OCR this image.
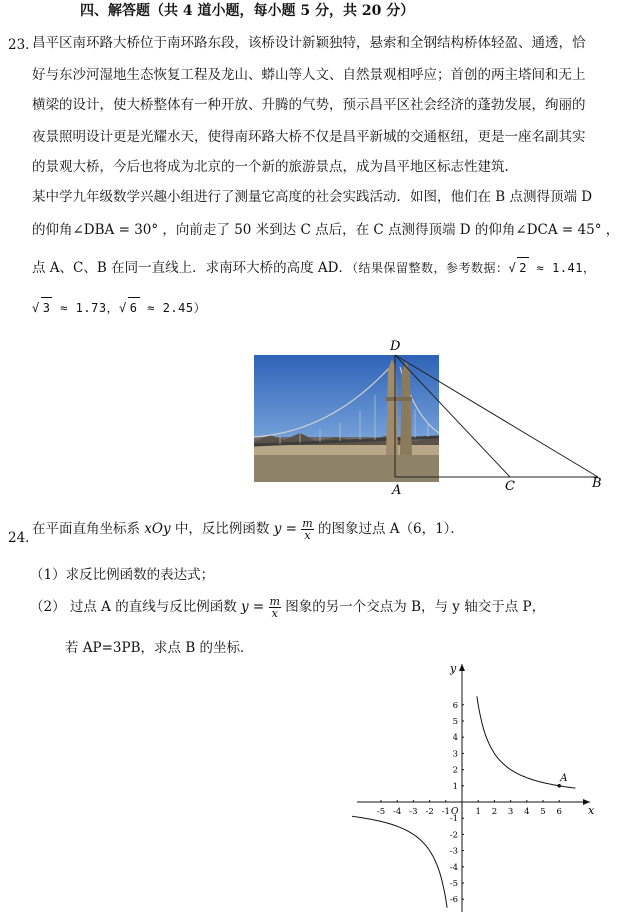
四、解答题（共 4 道小题，每小题 5 分，共 20 分）
23．
昌平区南环路大桥位于南环路东段，该桥设计新颖独特，悬索和全钢结构桥体轻盈、通透，恰
好与东沙河湿地生态恢复工程及龙山、蟒山等人文、自然景观相呼应；首创的两主塔间和无上
横梁的设计，使大桥整体有一种开放、升腾的气势，预示昌平区社会经济的蓬勃发展，绚丽的
夜景照明设计更是光耀水天，使得南环路大桥不仅是昌平新城的交通枢纽，更是一座名副其实
的景观大桥，今后也将成为北京的一个新的旅游景点，成为昌平地区标志性建筑.
某中学九年级数学兴趣小组进行了测量它高度的社会实践活动．如图，他们在 B 点测得顶端 D
的仰角∠DBA = 30° ，向前走了 50 米到达 C 点后，在 C 点测得顶端 D 的仰角∠DCA = 45° ，
点 A、C、B 在同一直线上．求南环大桥的高度 AD．（结果保留整数，参考数据：√ 2 ≈ 1.41，
√ 3 ≈ 1.73，√ 6 ≈ 2.45）
D
A	C	B
24．
在平面直角坐标系 xOy 中，反比例函数 $y = \frac{m}{x}$ 的图象过点 A（6，1）．
（1）求反比例函数的表达式；
（2） 过点 A 的直线与反比例函数 $y = \frac{m}{x}$ 图象的另一个交点为 B，与 y 轴交于点 P，
若 AP=3PB，求点 B 的坐标．
x
y
O
-5 -4 -3 -2 -1	1 2 3 4 5 6
6
5
4
3
2
1
-1
-2
-3
-4
-5
-6
A
